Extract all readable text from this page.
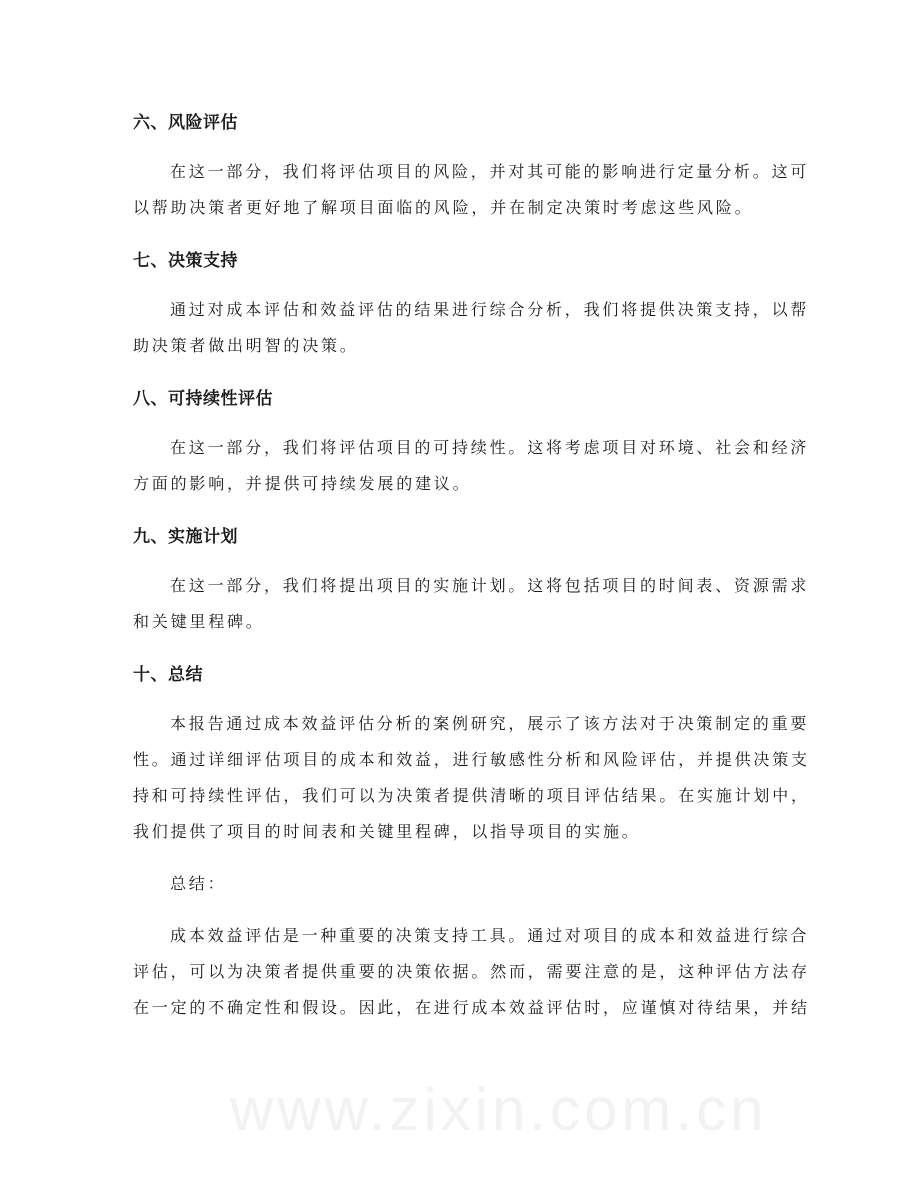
六、风险评估
在这一部分，我们将评估项目的风险，并对其可能的影响进行定量分析。这可
以帮助决策者更好地了解项目面临的风险，并在制定决策时考虑这些风险。
七、决策支持
通过对成本评估和效益评估的结果进行综合分析，我们将提供决策支持，以帮
助决策者做出明智的决策。
八、可持续性评估
在这一部分，我们将评估项目的可持续性。这将考虑项目对环境、社会和经济
方面的影响，并提供可持续发展的建议。
九、实施计划
在这一部分，我们将提出项目的实施计划。这将包括项目的时间表、资源需求
和关键里程碑。
十、总结
本报告通过成本效益评估分析的案例研究，展示了该方法对于决策制定的重要
性。通过详细评估项目的成本和效益，进行敏感性分析和风险评估，并提供决策支
持和可持续性评估，我们可以为决策者提供清晰的项目评估结果。在实施计划中，
我们提供了项目的时间表和关键里程碑，以指导项目的实施。
总结：
成本效益评估是一种重要的决策支持工具。通过对项目的成本和效益进行综合
评估，可以为决策者提供重要的决策依据。然而，需要注意的是，这种评估方法存
在一定的不确定性和假设。因此，在进行成本效益评估时，应谨慎对待结果，并结
www.zixin.com.cn
